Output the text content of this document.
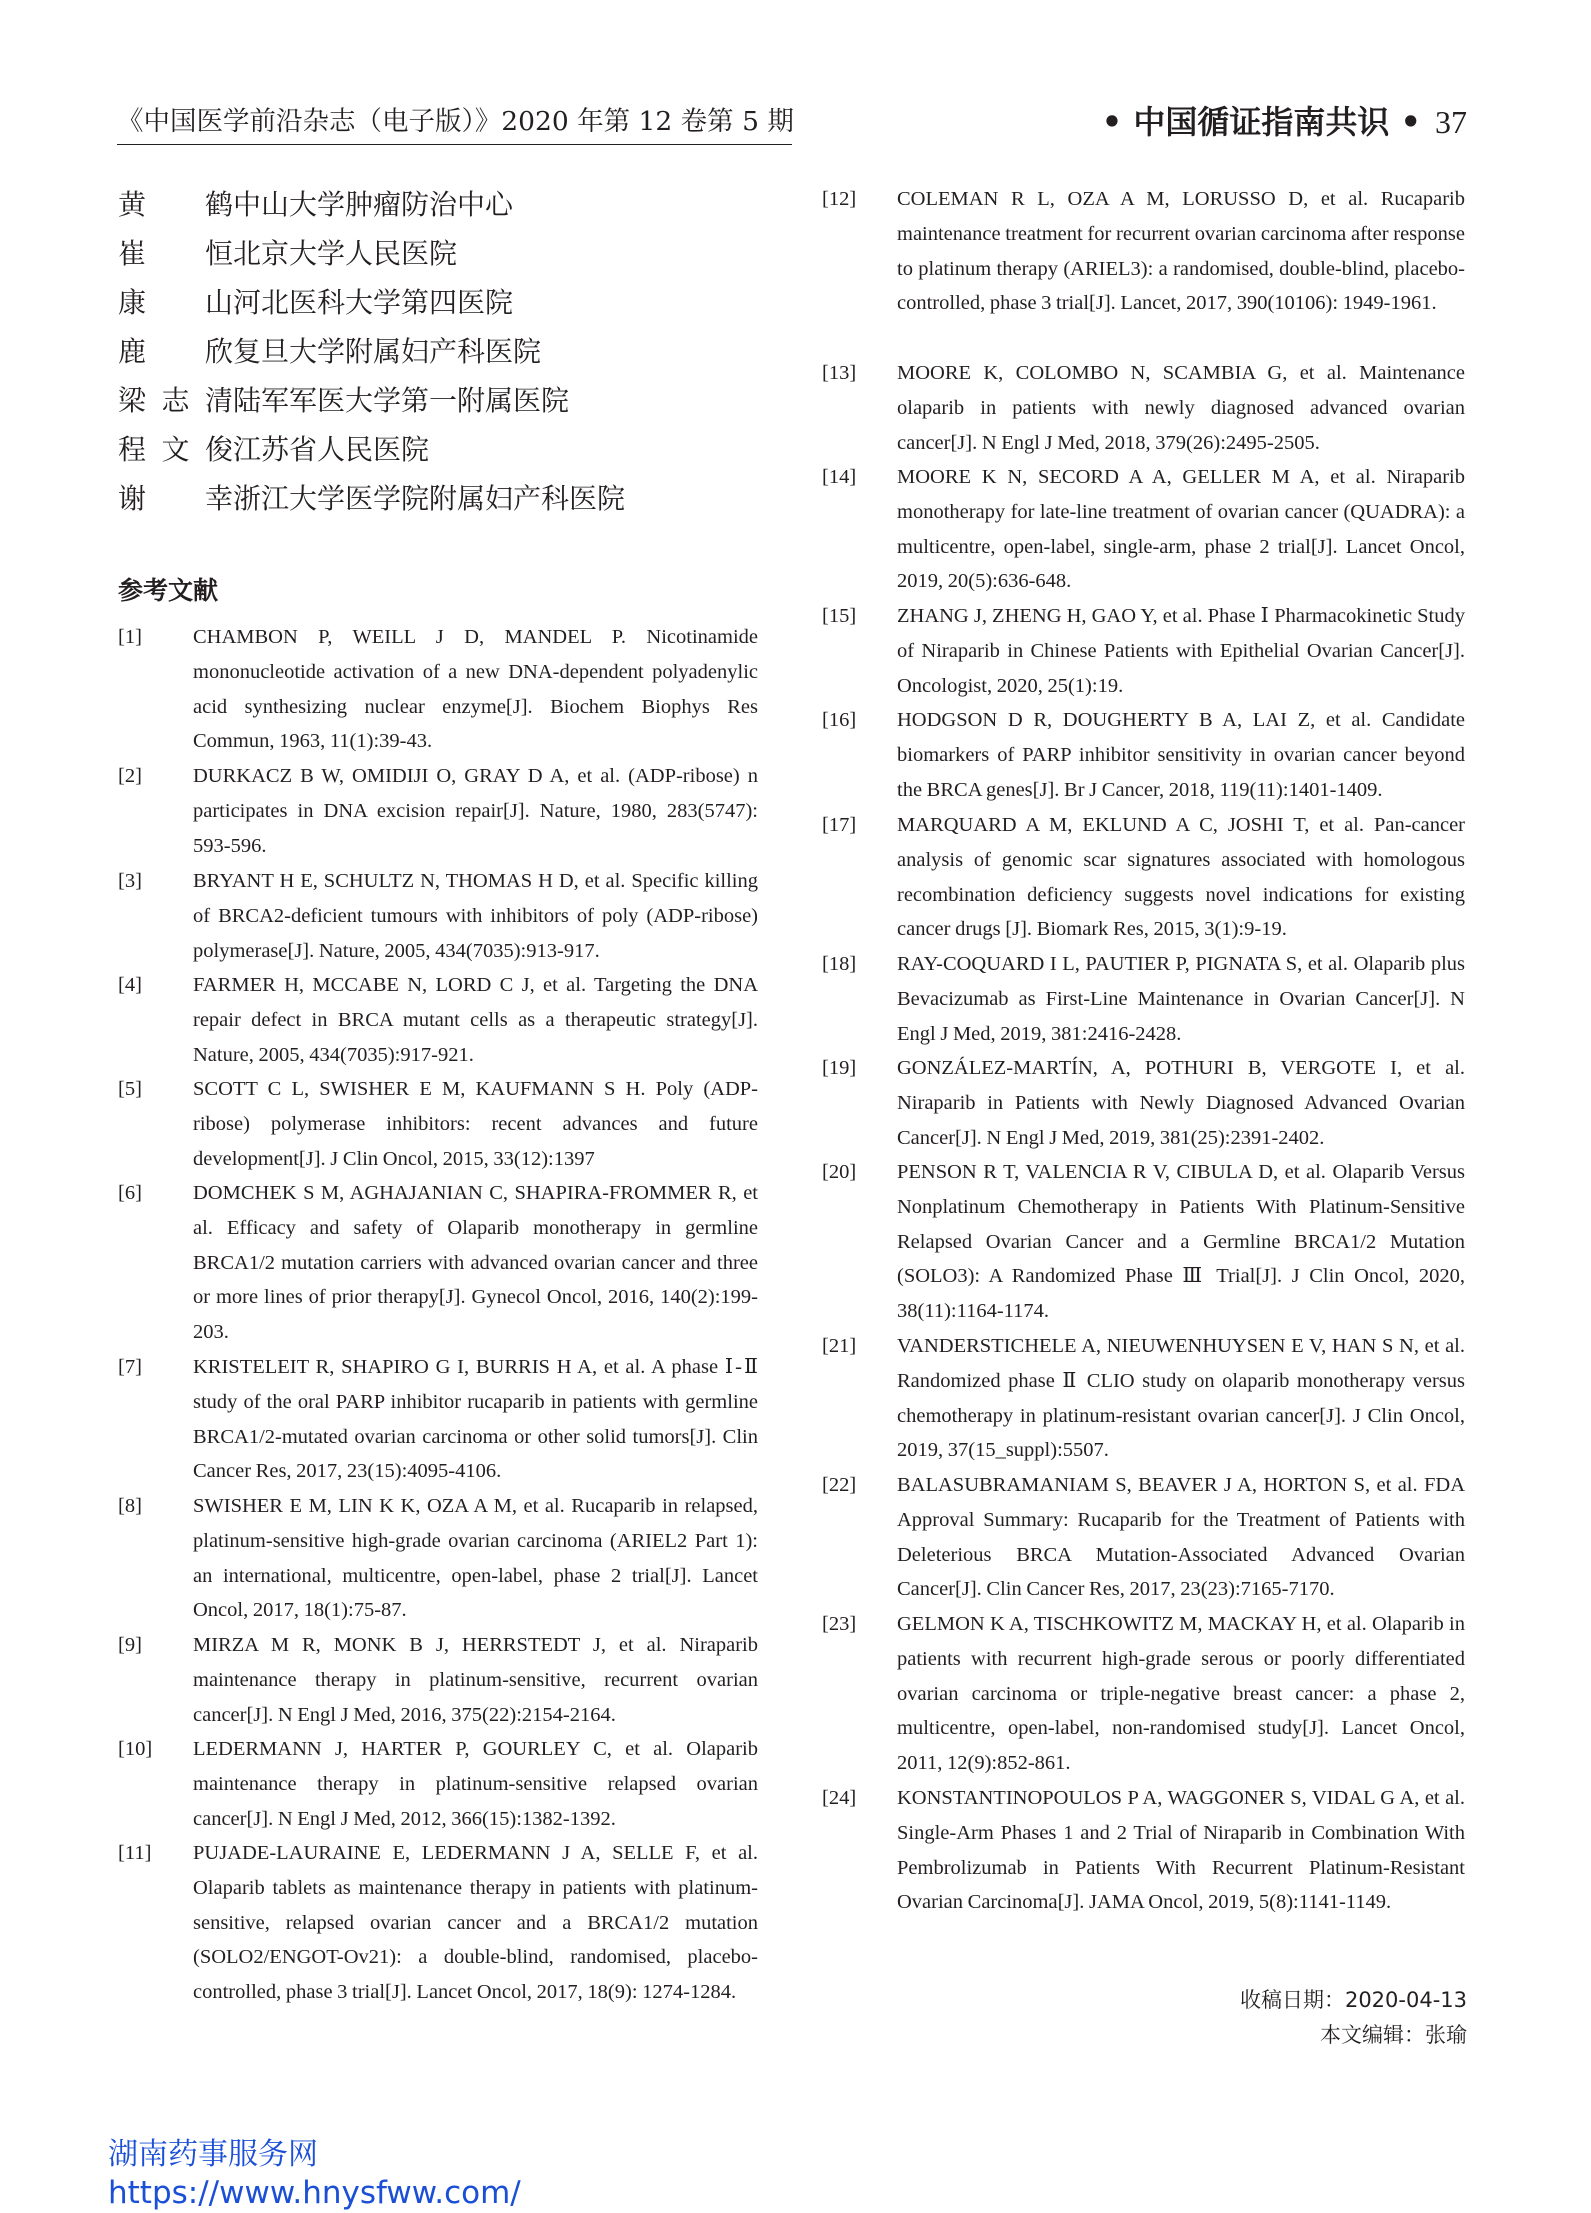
《中国医学前沿杂志（电子版）》2020 年第 12 卷第 5 期	• 中国循证指南共识 • 37
黄 鹤 中山大学肿瘤防治中心
崔 恒 北京大学人民医院
康 山 河北医科大学第四医院
鹿 欣 复旦大学附属妇产科医院
梁志清 陆军军医大学第一附属医院
程文俊 江苏省人民医院
谢 幸 浙江大学医学院附属妇产科医院
参考文献
[1]	CHAMBON P, WEILL J D, MANDEL P. Nicotinamide mononucleotide activation of a new DNA-dependent polyadenylic acid synthesizing nuclear enzyme[J]. Biochem Biophys Res Commun, 1963, 11(1):39-43.
[2]	DURKACZ B W, OMIDIJI O, GRAY D A, et al. (ADP-ribose) n participates in DNA excision repair[J]. Nature, 1980, 283(5747): 593-596.
[3]	BRYANT H E, SCHULTZ N, THOMAS H D, et al. Specific killing of BRCA2-deficient tumours with inhibitors of poly (ADP-ribose) polymerase[J]. Nature, 2005, 434(7035):913-917.
[4]	FARMER H, MCCABE N, LORD C J, et al. Targeting the DNA repair defect in BRCA mutant cells as a therapeutic strategy[J]. Nature, 2005, 434(7035):917-921.
[5]	SCOTT C L, SWISHER E M, KAUFMANN S H. Poly (ADP-ribose) polymerase inhibitors: recent advances and future development[J]. J Clin Oncol, 2015, 33(12):1397
[6]	DOMCHEK S M, AGHAJANIAN C, SHAPIRA-FROMMER R, et al. Efficacy and safety of Olaparib monotherapy in germline BRCA1/2 mutation carriers with advanced ovarian cancer and three or more lines of prior therapy[J]. Gynecol Oncol, 2016, 140(2):199-203.
[7]	KRISTELEIT R, SHAPIRO G I, BURRIS H A, et al. A phase Ⅰ-Ⅱ study of the oral PARP inhibitor rucaparib in patients with germline BRCA1/2-mutated ovarian carcinoma or other solid tumors[J]. Clin Cancer Res, 2017, 23(15):4095-4106.
[8]	SWISHER E M, LIN K K, OZA A M, et al. Rucaparib in relapsed, platinum-sensitive high-grade ovarian carcinoma (ARIEL2 Part 1): an international, multicentre, open-label, phase 2 trial[J]. Lancet Oncol, 2017, 18(1):75-87.
[9]	MIRZA M R, MONK B J, HERRSTEDT J, et al. Niraparib maintenance therapy in platinum-sensitive, recurrent ovarian cancer[J]. N Engl J Med, 2016, 375(22):2154-2164.
[10]	LEDERMANN J, HARTER P, GOURLEY C, et al. Olaparib maintenance therapy in platinum-sensitive relapsed ovarian cancer[J]. N Engl J Med, 2012, 366(15):1382-1392.
[11]	PUJADE-LAURAINE E, LEDERMANN J A, SELLE F, et al. Olaparib tablets as maintenance therapy in patients with platinum-sensitive, relapsed ovarian cancer and a BRCA1/2 mutation (SOLO2/ENGOT-Ov21): a double-blind, randomised, placebo-controlled, phase 3 trial[J]. Lancet Oncol, 2017, 18(9): 1274-1284.
[12]	COLEMAN R L, OZA A M, LORUSSO D, et al. Rucaparib maintenance treatment for recurrent ovarian carcinoma after response to platinum therapy (ARIEL3): a randomised, double-blind, placebo-controlled, phase 3 trial[J]. Lancet, 2017, 390(10106): 1949-1961.
[13]	MOORE K, COLOMBO N, SCAMBIA G, et al. Maintenance olaparib in patients with newly diagnosed advanced ovarian cancer[J]. N Engl J Med, 2018, 379(26):2495-2505.
[14]	MOORE K N, SECORD A A, GELLER M A, et al. Niraparib monotherapy for late-line treatment of ovarian cancer (QUADRA): a multicentre, open-label, single-arm, phase 2 trial[J]. Lancet Oncol, 2019, 20(5):636-648.
[15]	ZHANG J, ZHENG H, GAO Y, et al. Phase Ⅰ Pharmacokinetic Study of Niraparib in Chinese Patients with Epithelial Ovarian Cancer[J]. Oncologist, 2020, 25(1):19.
[16]	HODGSON D R, DOUGHERTY B A, LAI Z, et al. Candidate biomarkers of PARP inhibitor sensitivity in ovarian cancer beyond the BRCA genes[J]. Br J Cancer, 2018, 119(11):1401-1409.
[17]	MARQUARD A M, EKLUND A C, JOSHI T, et al. Pan-cancer analysis of genomic scar signatures associated with homologous recombination deficiency suggests novel indications for existing cancer drugs [J]. Biomark Res, 2015, 3(1):9-19.
[18]	RAY-COQUARD I L, PAUTIER P, PIGNATA S, et al. Olaparib plus Bevacizumab as First-Line Maintenance in Ovarian Cancer[J]. N Engl J Med, 2019, 381:2416-2428.
[19]	GONZÁLEZ-MARTÍN, A, POTHURI B, VERGOTE I, et al. Niraparib in Patients with Newly Diagnosed Advanced Ovarian Cancer[J]. N Engl J Med, 2019, 381(25):2391-2402.
[20]	PENSON R T, VALENCIA R V, CIBULA D, et al. Olaparib Versus Nonplatinum Chemotherapy in Patients With Platinum-Sensitive Relapsed Ovarian Cancer and a Germline BRCA1/2 Mutation (SOLO3): A Randomized Phase Ⅲ Trial[J]. J Clin Oncol, 2020, 38(11):1164-1174.
[21]	VANDERSTICHELE A, NIEUWENHUYSEN E V, HAN S N, et al. Randomized phase Ⅱ CLIO study on olaparib monotherapy versus chemotherapy in platinum-resistant ovarian cancer[J]. J Clin Oncol, 2019, 37(15_suppl):5507.
[22]	BALASUBRAMANIAM S, BEAVER J A, HORTON S, et al. FDA Approval Summary: Rucaparib for the Treatment of Patients with Deleterious BRCA Mutation-Associated Advanced Ovarian Cancer[J]. Clin Cancer Res, 2017, 23(23):7165-7170.
[23]	GELMON K A, TISCHKOWITZ M, MACKAY H, et al. Olaparib in patients with recurrent high-grade serous or poorly differentiated ovarian carcinoma or triple-negative breast cancer: a phase 2, multicentre, open-label, non-randomised study[J]. Lancet Oncol, 2011, 12(9):852-861.
[24]	KONSTANTINOPOULOS P A, WAGGONER S, VIDAL G A, et al. Single-Arm Phases 1 and 2 Trial of Niraparib in Combination With Pembrolizumab in Patients With Recurrent Platinum-Resistant Ovarian Carcinoma[J]. JAMA Oncol, 2019, 5(8):1141-1149.
收稿日期：2020-04-13
本文编辑：张瑜
湖南药事服务网
https://www.hnysfww.com/
